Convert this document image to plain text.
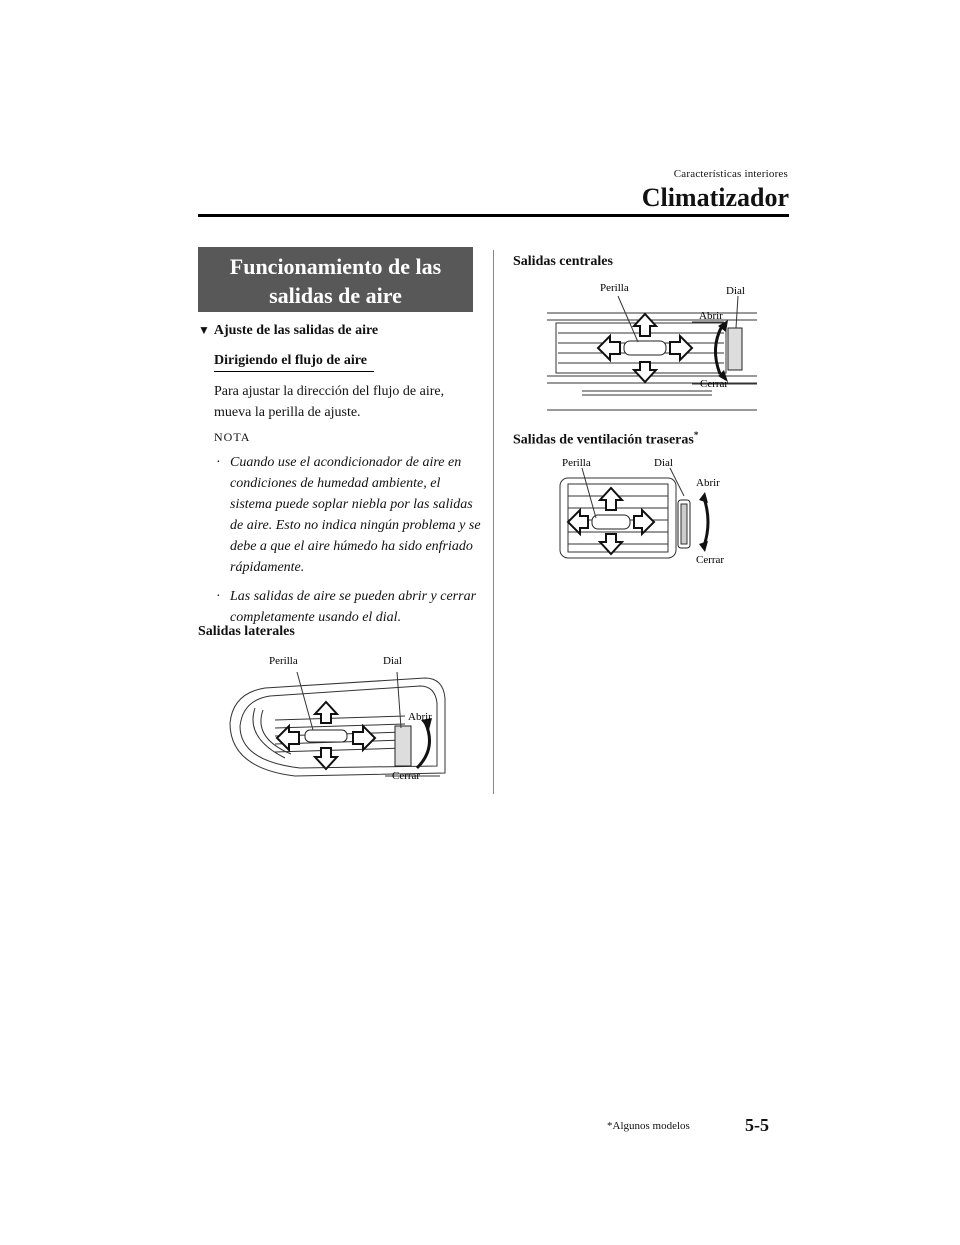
Características interiores
Climatizador
Funcionamiento de las
salidas de aire
▼ Ajuste de las salidas de aire
Dirigiendo el flujo de aire
Para ajustar la dirección del flujo de aire,
mueva la perilla de ajuste.
NOTA
· Cuando use el acondicionador de aire en condiciones de humedad ambiente, el sistema puede soplar niebla por las salidas de aire. Esto no indica ningún problema y se debe a que el aire húmedo ha sido enfriado rápidamente.
· Las salidas de aire se pueden abrir y cerrar completamente usando el dial.
Salidas laterales
Perilla	Dial
Abrir
Cerrar
Salidas centrales
Perilla	Dial
Abrir
Cerrar
Salidas de ventilación traseras*
Perilla	Dial
Abrir
Cerrar
*Algunos modelos	5-5
